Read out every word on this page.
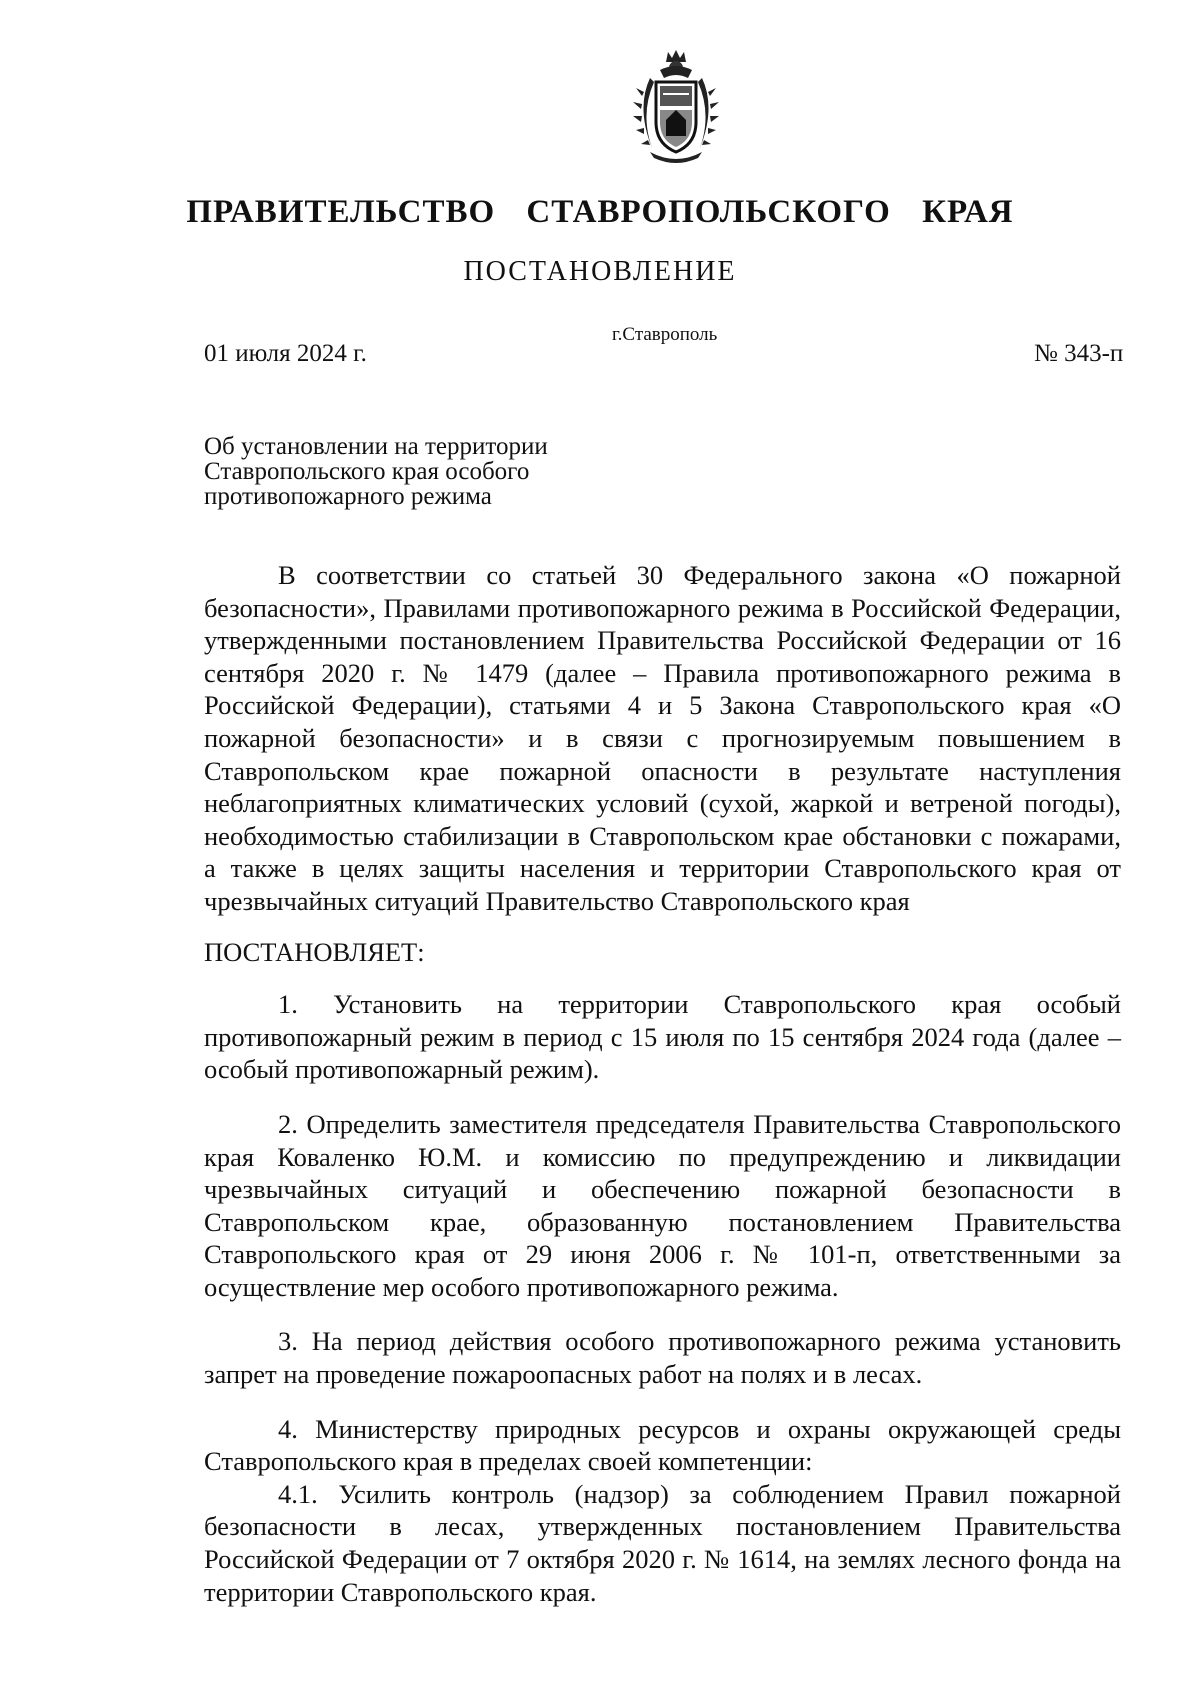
ПРАВИТЕЛЬСТВО СТАВРОПОЛЬСКОГО КРАЯ
ПОСТАНОВЛЕНИЕ
01 июля 2024 г.
г.Ставрополь
№ 343-п
Об установлении на территории
Ставропольского края особого
противопожарного режима

В соответствии со статьей 30 Федерального закона «О пожарной безопасности», Правилами противопожарного режима в Российской Федерации, утвержденными постановлением Правительства Российской Федерации от 16 сентября 2020 г. № 1479 (далее – Правила противопожарного режима в Российской Федерации), статьями 4 и 5 Закона Ставропольского края «О пожарной безопасности» и в связи с прогнозируемым повышением в Ставропольском крае пожарной опасности в результате наступления неблагоприятных климатических условий (сухой, жаркой и ветреной погоды), необходимостью стабилизации в Ставропольском крае обстановки с пожарами, а также в целях защиты населения и территории Ставропольского края от чрезвычайных ситуаций Правительство Ставропольского края

ПОСТАНОВЛЯЕТ:

1. Установить на территории Ставропольского края особый противопожарный режим в период с 15 июля по 15 сентября 2024 года (далее – особый противопожарный режим).

2. Определить заместителя председателя Правительства Ставропольского края Коваленко Ю.М. и комиссию по предупреждению и ликвидации чрезвычайных ситуаций и обеспечению пожарной безопасности в Ставропольском крае, образованную постановлением Правительства Ставропольского края от 29 июня 2006 г. № 101-п, ответственными за осуществление мер особого противопожарного режима.

3. На период действия особого противопожарного режима установить запрет на проведение пожароопасных работ на полях и в лесах.

4. Министерству природных ресурсов и охраны окружающей среды Ставропольского края в пределах своей компетенции:

4.1. Усилить контроль (надзор) за соблюдением Правил пожарной безопасности в лесах, утвержденных постановлением Правительства Российской Федерации от 7 октября 2020 г. № 1614, на землях лесного фонда на территории Ставропольского края.
